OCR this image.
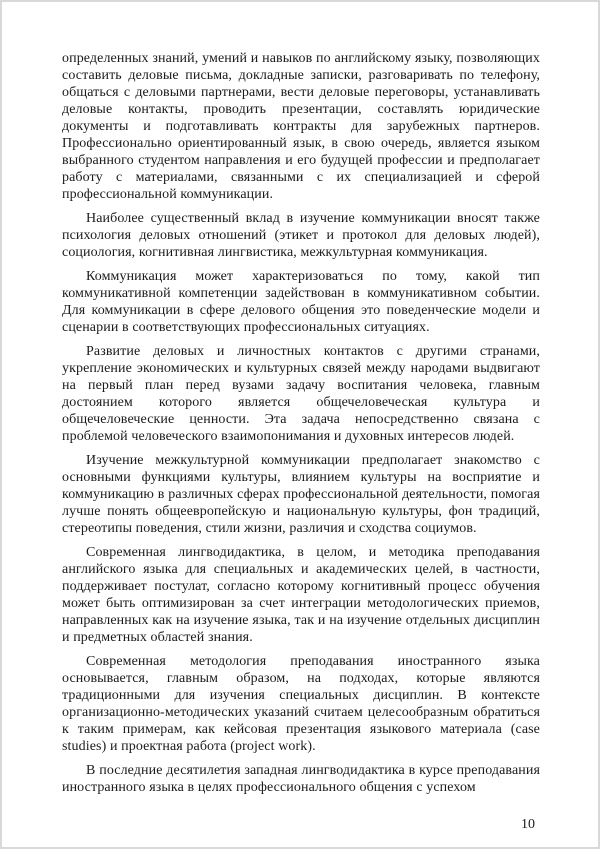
определенных знаний, умений и навыков по английскому языку, позволяющих составить деловые письма, докладные записки, разговаривать по телефону, общаться с деловыми партнерами, вести деловые переговоры, устанавливать деловые контакты, проводить презентации, составлять юридические документы и подготавливать контракты для зарубежных партнеров. Профессионально ориентированный язык, в свою очередь, является языком выбранного студентом направления и его будущей профессии и предполагает работу с материалами, связанными с их специализацией и сферой профессиональной коммуникации.

Наиболее существенный вклад в изучение коммуникации вносят также психология деловых отношений (этикет и протокол для деловых людей), социология, когнитивная лингвистика, межкультурная коммуникация.

Коммуникация может характеризоваться по тому, какой тип коммуникативной компетенции задействован в коммуникативном событии. Для коммуникации в сфере делового общения это поведенческие модели и сценарии в соответствующих профессиональных ситуациях.

Развитие деловых и личностных контактов с другими странами, укрепление экономических и культурных связей между народами выдвигают на первый план перед вузами задачу воспитания человека, главным достоянием которого является общечеловеческая культура и общечеловеческие ценности. Эта задача непосредственно связана с проблемой человеческого взаимопонимания и духовных интересов людей.

Изучение межкультурной коммуникации предполагает знакомство с основными функциями культуры, влиянием культуры на восприятие и коммуникацию в различных сферах профессиональной деятельности, помогая лучше понять общеевропейскую и национальную культуры, фон традиций, стереотипы поведения, стили жизни, различия и сходства социумов.

Современная лингводидактика, в целом, и методика преподавания английского языка для специальных и академических целей, в частности, поддерживает постулат, согласно которому когнитивный процесс обучения может быть оптимизирован за счет интеграции методологических приемов, направленных как на изучение языка, так и на изучение отдельных дисциплин и предметных областей знания.

Современная методология преподавания иностранного языка основывается, главным образом, на подходах, которые являются традиционными для изучения специальных дисциплин. В контексте организационно-методических указаний считаем целесообразным обратиться к таким примерам, как кейсовая презентация языкового материала (case studies) и проектная работа (project work).

В последние десятилетия западная лингводидактика в курсе преподавания иностранного языка в целях профессионального общения с успехом

10
